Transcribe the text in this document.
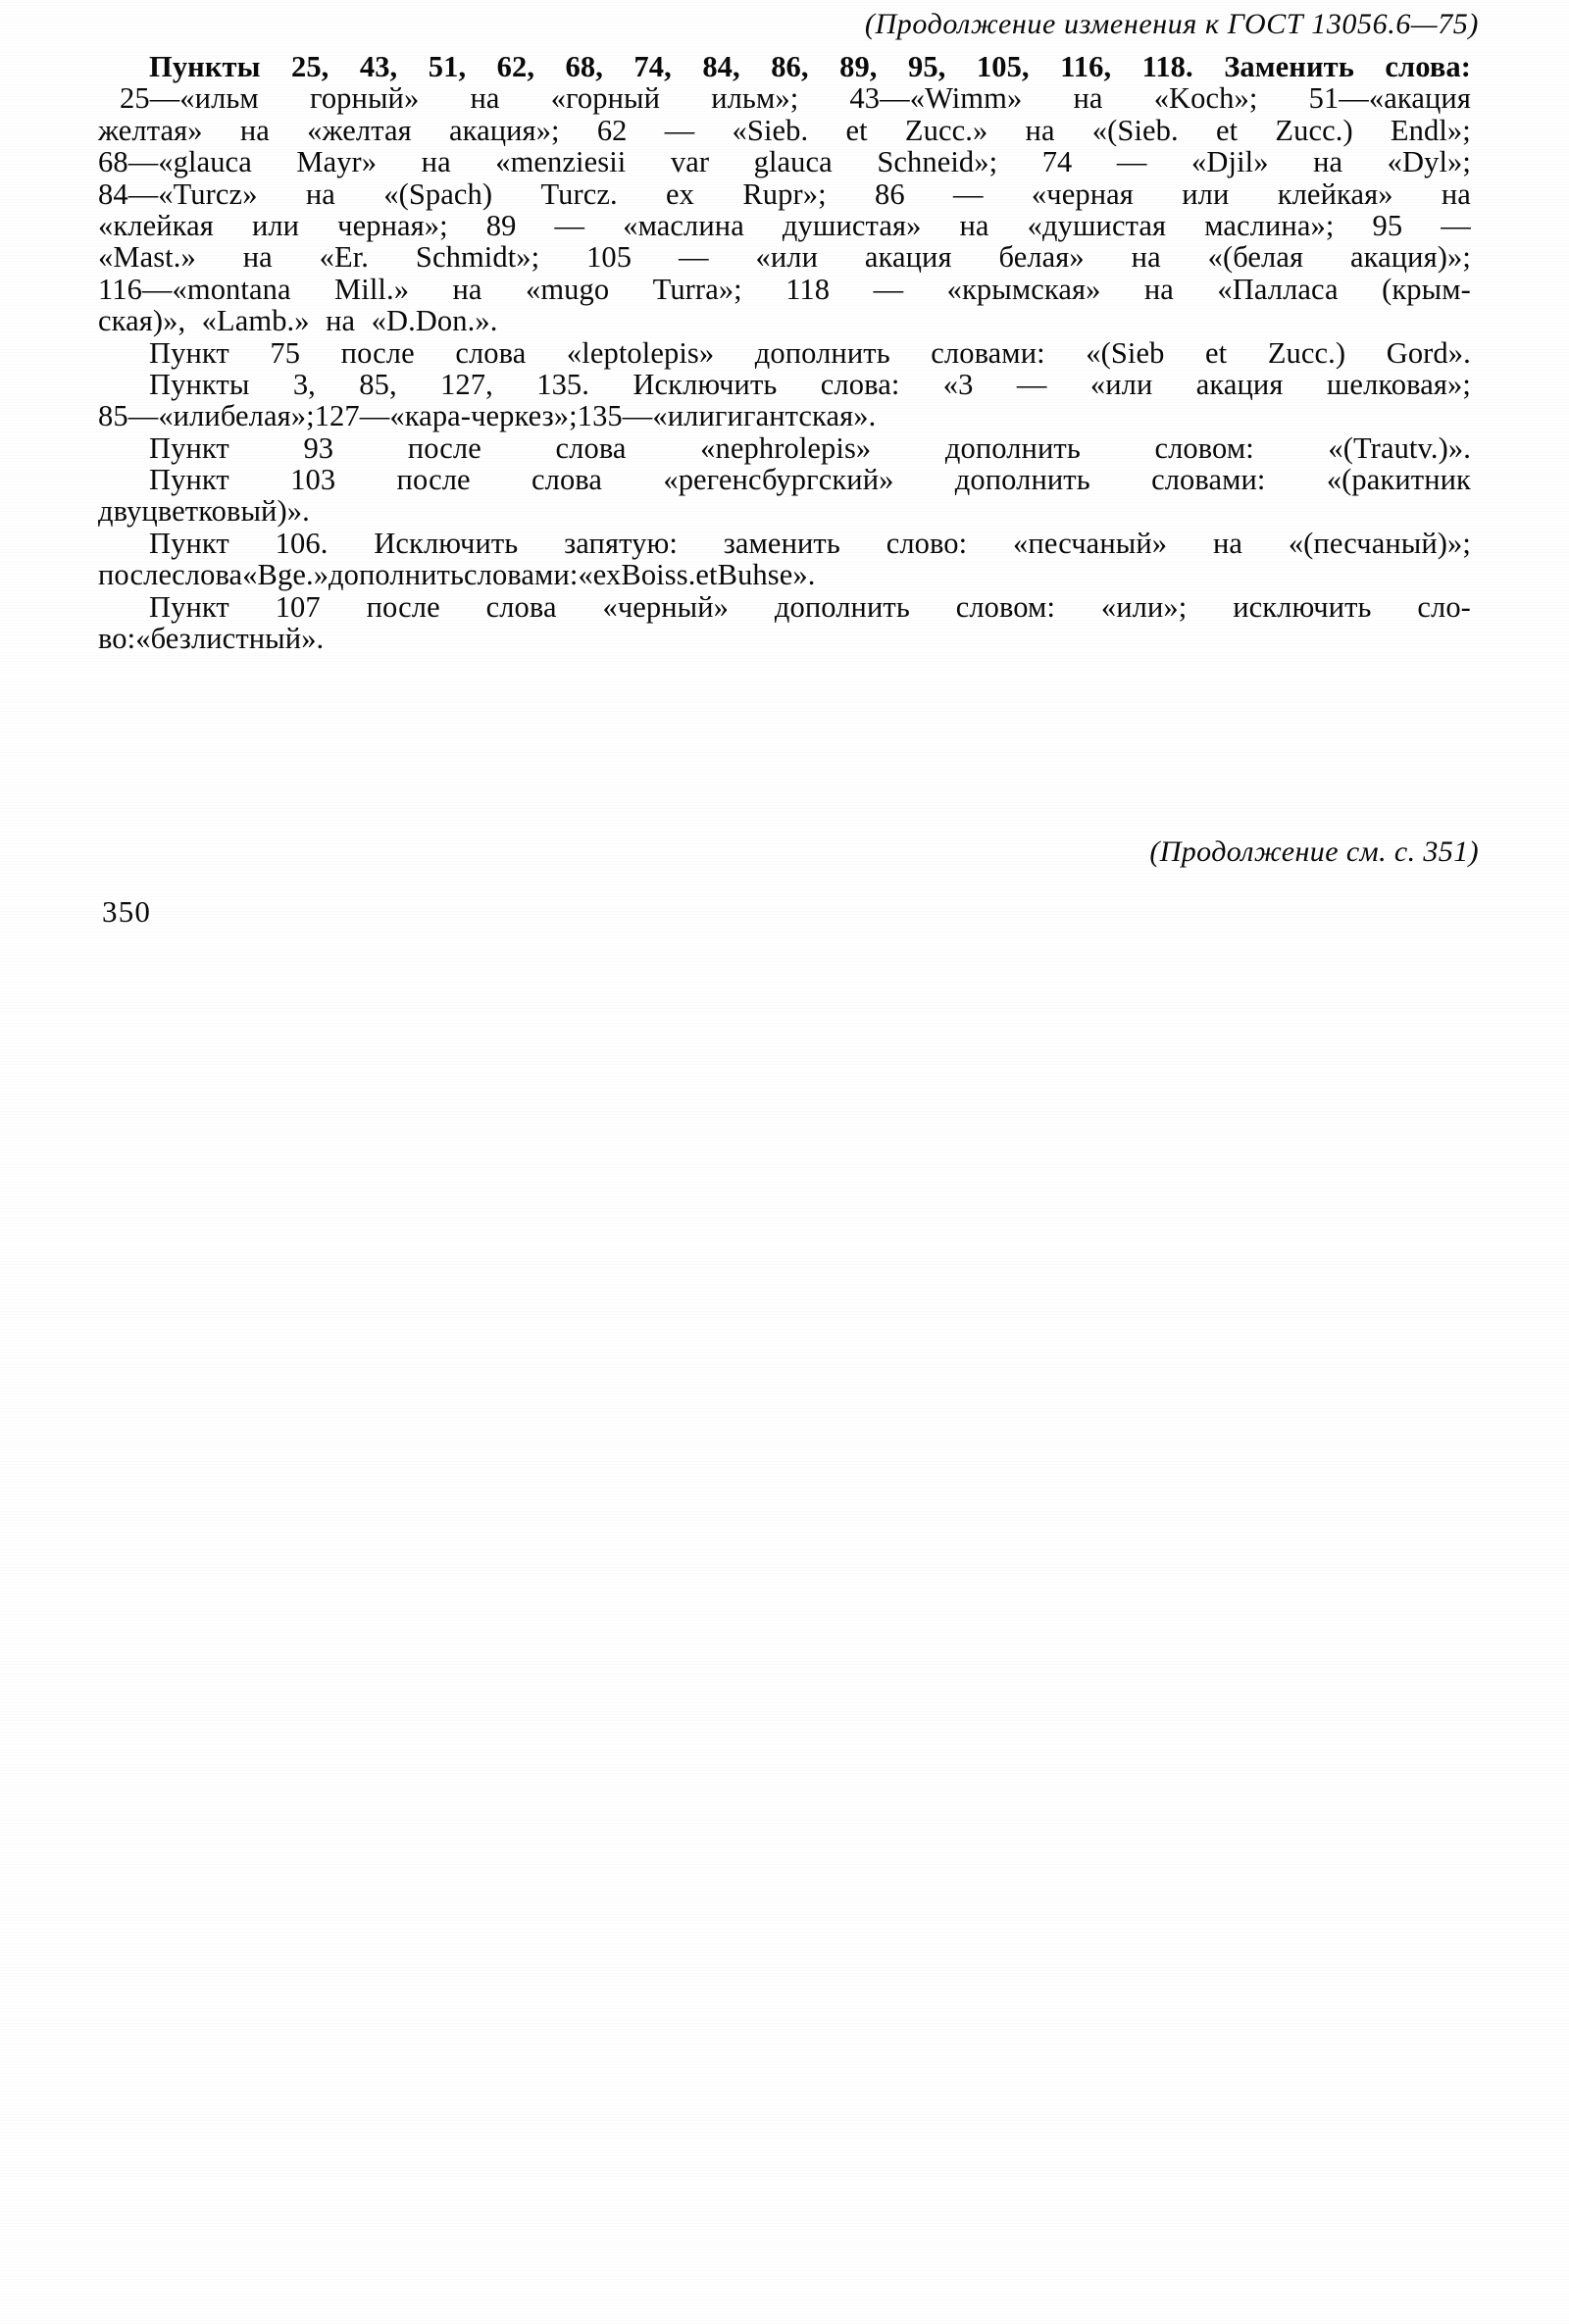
(Продолжение изменения к ГОСТ 13056.6—75)

Пункты 25, 43, 51, 62, 68, 74, 84, 86, 89, 95, 105, 116, 118. Заменить слова:
25—«ильм горный» на «горный ильм»; 43—«Wimm» на «Koch»; 51—«акация
желтая» на «желтая акация»; 62 — «Sieb. et Zucc.» на «(Sieb. et Zucc.) Endl»;
68—«glauca Mayr» на «menziesii var glauca Schneid»; 74 — «Djil» на «Dyl»;
84—«Turcz» на «(Spach) Turcz. ex Rupr»; 86 — «черная или клейкая» на
«клейкая или черная»; 89 — «маслина душистая» на «душистая маслина»; 95 —
«Mast.» на «Er. Schmidt»; 105 — «или акация белая» на «(белая акация)»;
116—«montana Mill.» на «mugo Turra»; 118 — «крымская» на «Палласа (крым-
ская)»,
«Lamb.»
на
«D. Don.».

Пункт 75 после слова «leptolepis» дополнить словами: «(Sieb et Zucc.) Gord».

Пункты 3, 85, 127, 135. Исключить слова: «3 — «или акация шелковая»;
85 — «или белая»; 127 — «кара-черкез»; 135 — «или гигантская».

Пункт 93 после слова «nephrolepis» дополнить словом: «(Trautv.)».

Пункт 103 после слова «регенсбургский» дополнить словами: «(ракитник
двуцветковый)».

Пункт 106. Исключить запятую: заменить слово: «песчаный» на «(песчаный)»;
после слова «Bge.» дополнить словами: «ех Boiss. et Buhse».

Пункт 107 после слова «черный» дополнить словом: «или»; исключить сло-
во: «безлистный».

(Продолжение см. с. 351)
350
